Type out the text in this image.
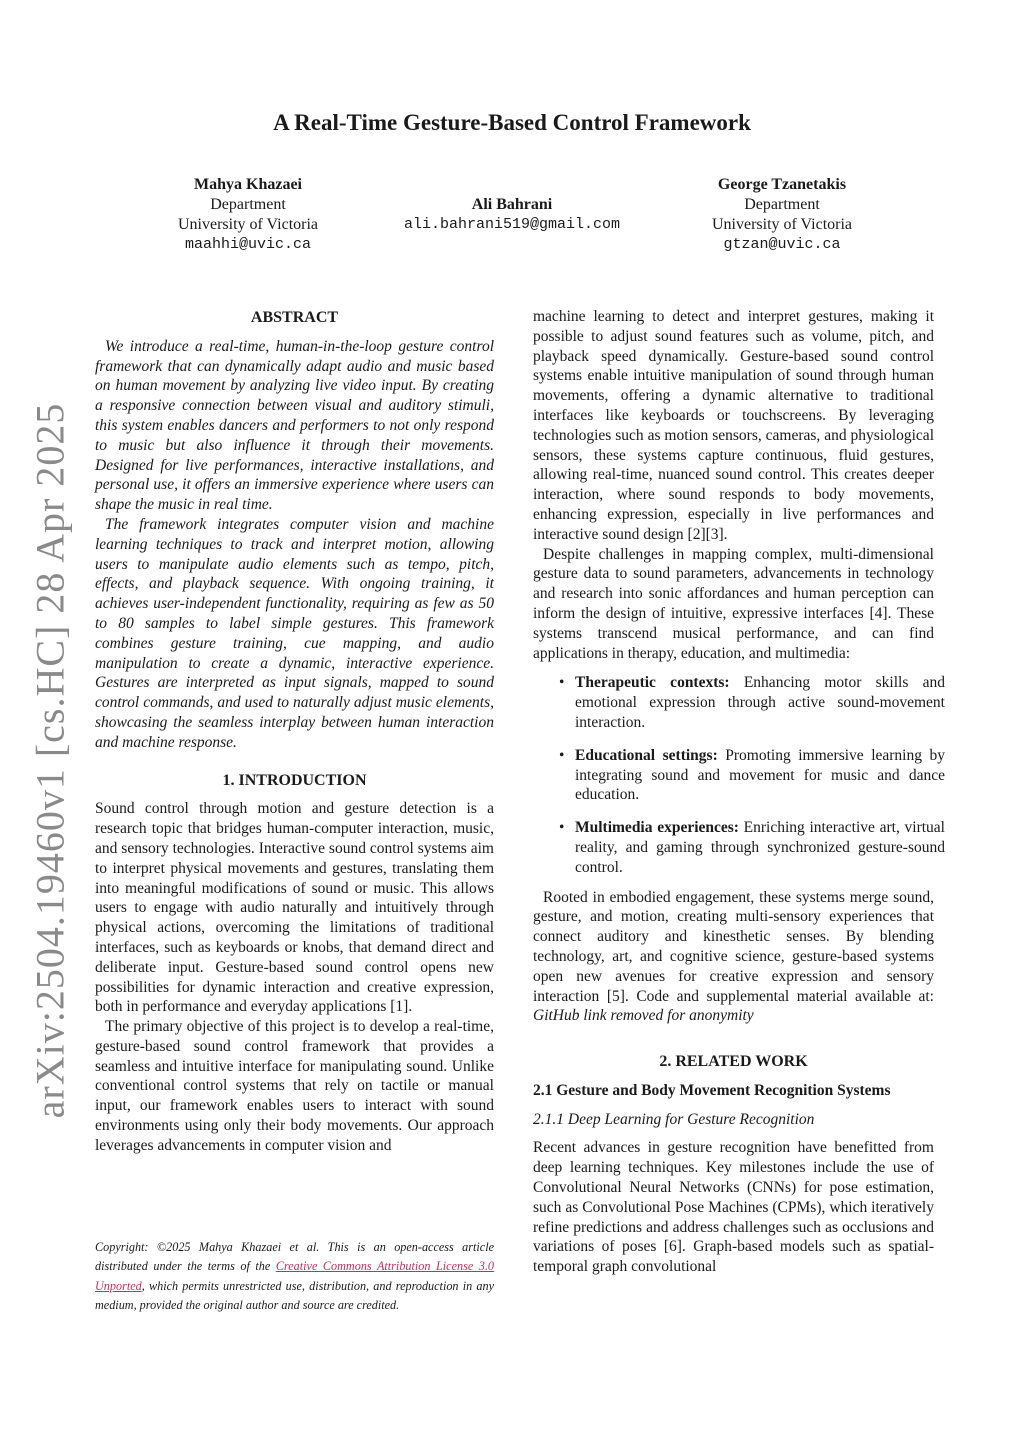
arXiv:2504.19460v1 [cs.HC] 28 Apr 2025
A Real-Time Gesture-Based Control Framework
Mahya Khazaei
Department
University of Victoria
maahhi@uvic.ca
Ali Bahrani
ali.bahrani519@gmail.com
George Tzanetakis
Department
University of Victoria
gtzan@uvic.ca
ABSTRACT

We introduce a real-time, human-in-the-loop gesture control framework that can dynamically adapt audio and music based on human movement by analyzing live video input. By creating a responsive connection between visual and auditory stimuli, this system enables dancers and performers to not only respond to music but also influence it through their movements. Designed for live performances, interactive installations, and personal use, it offers an immersive experience where users can shape the music in real time.

The framework integrates computer vision and machine learning techniques to track and interpret motion, allowing users to manipulate audio elements such as tempo, pitch, effects, and playback sequence. With ongoing training, it achieves user-independent functionality, requiring as few as 50 to 80 samples to label simple gestures. This framework combines gesture training, cue mapping, and audio manipulation to create a dynamic, interactive experience. Gestures are interpreted as input signals, mapped to sound control commands, and used to naturally adjust music elements, showcasing the seamless interplay between human interaction and machine response.

1. INTRODUCTION

Sound control through motion and gesture detection is a research topic that bridges human-computer interaction, music, and sensory technologies. Interactive sound control systems aim to interpret physical movements and gestures, translating them into meaningful modifications of sound or music. This allows users to engage with audio naturally and intuitively through physical actions, overcoming the limitations of traditional interfaces, such as keyboards or knobs, that demand direct and deliberate input. Gesture-based sound control opens new possibilities for dynamic interaction and creative expression, both in performance and everyday applications [1].

The primary objective of this project is to develop a real-time, gesture-based sound control framework that provides a seamless and intuitive interface for manipulating sound. Unlike conventional control systems that rely on tactile or manual input, our framework enables users to interact with sound environments using only their body movements. Our approach leverages advancements in computer vision and

Copyright: ©2025 Mahya Khazaei et al. This is an open-access article distributed under the terms of the Creative Commons Attribution License 3.0 Unported, which permits unrestricted use, distribution, and reproduction in any medium, provided the original author and source are credited.

machine learning to detect and interpret gestures, making it possible to adjust sound features such as volume, pitch, and playback speed dynamically. Gesture-based sound control systems enable intuitive manipulation of sound through human movements, offering a dynamic alternative to traditional interfaces like keyboards or touchscreens. By leveraging technologies such as motion sensors, cameras, and physiological sensors, these systems capture continuous, fluid gestures, allowing real-time, nuanced sound control. This creates deeper interaction, where sound responds to body movements, enhancing expression, especially in live performances and interactive sound design [2][3].

Despite challenges in mapping complex, multi-dimensional gesture data to sound parameters, advancements in technology and research into sonic affordances and human perception can inform the design of intuitive, expressive interfaces [4]. These systems transcend musical performance, and can find applications in therapy, education, and multimedia:

• Therapeutic contexts: Enhancing motor skills and emotional expression through active sound-movement interaction.
• Educational settings: Promoting immersive learning by integrating sound and movement for music and dance education.
• Multimedia experiences: Enriching interactive art, virtual reality, and gaming through synchronized gesture-sound control.

Rooted in embodied engagement, these systems merge sound, gesture, and motion, creating multi-sensory experiences that connect auditory and kinesthetic senses. By blending technology, art, and cognitive science, gesture-based systems open new avenues for creative expression and sensory interaction [5]. Code and supplemental material available at: GitHub link removed for anonymity

2. RELATED WORK
2.1 Gesture and Body Movement Recognition Systems
2.1.1 Deep Learning for Gesture Recognition

Recent advances in gesture recognition have benefitted from deep learning techniques. Key milestones include the use of Convolutional Neural Networks (CNNs) for pose estimation, such as Convolutional Pose Machines (CPMs), which iteratively refine predictions and address challenges such as occlusions and variations of poses [6]. Graph-based models such as spatial-temporal graph convolutional
